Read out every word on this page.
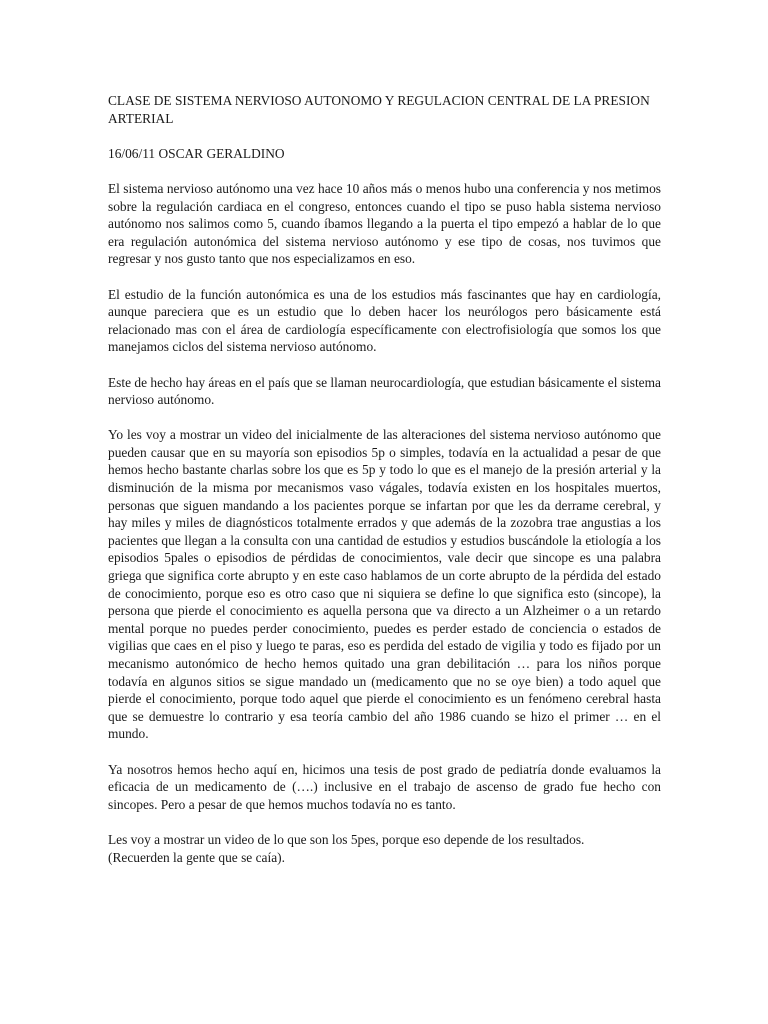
CLASE DE SISTEMA NERVIOSO AUTONOMO Y REGULACION CENTRAL DE LA PRESION ARTERIAL

16/06/11 OSCAR GERALDINO

El sistema nervioso autónomo una vez hace 10 años más o menos hubo una conferencia y nos metimos sobre la regulación cardiaca en el congreso, entonces cuando el tipo se puso habla sistema nervioso autónomo nos salimos como 5, cuando íbamos llegando a la puerta el tipo empezó a hablar de lo que era regulación autonómica del sistema nervioso autónomo y ese tipo de cosas, nos tuvimos que regresar y nos gusto tanto que nos especializamos en eso.

El estudio de la función autonómica es una de los estudios más fascinantes que hay en cardiología, aunque pareciera que es un estudio que lo deben hacer los neurólogos pero básicamente está relacionado mas con el área de cardiología específicamente con electrofisiología que somos los que manejamos ciclos del sistema nervioso autónomo.

Este de hecho hay áreas en el país que se llaman neurocardiología, que estudian básicamente el sistema nervioso autónomo.

Yo les voy a mostrar un video del inicialmente de las alteraciones del sistema nervioso autónomo que pueden causar que en su mayoría son episodios 5p o simples, todavía en la actualidad a pesar de que hemos hecho bastante charlas sobre los que es 5p y todo lo que es el manejo de la presión arterial y la disminución de la misma por mecanismos vaso vágales, todavía existen en los hospitales muertos, personas que siguen mandando a los pacientes porque se infartan por que les da derrame cerebral, y hay miles y miles de diagnósticos totalmente errados y que además de la zozobra trae angustias a los pacientes que llegan a la consulta con una cantidad de estudios y estudios buscándole la etiología a los episodios 5pales o episodios de pérdidas de conocimientos, vale decir que sincope es una palabra griega que significa corte abrupto y en este caso hablamos de un corte abrupto de la pérdida del estado de conocimiento, porque eso es otro caso que ni siquiera se define lo que significa esto (sincope), la persona que pierde el conocimiento es aquella persona que va directo a un Alzheimer o a un retardo mental porque no puedes perder conocimiento, puedes es perder estado de conciencia o estados de vigilias que caes en el piso y luego te paras, eso es perdida del estado de vigilia y todo es fijado por un mecanismo autonómico de hecho hemos quitado una gran debilitación … para los niños porque todavía en algunos sitios se sigue mandado un (medicamento que no se oye bien) a todo aquel que pierde el conocimiento, porque todo aquel que pierde el conocimiento es un fenómeno cerebral hasta que se demuestre lo contrario y esa teoría cambio del año 1986 cuando se hizo el primer … en el mundo.

Ya nosotros hemos hecho aquí en, hicimos una tesis de post grado de pediatría donde evaluamos la eficacia de un medicamento de (….) inclusive en el trabajo de ascenso de grado fue hecho con sincopes. Pero a pesar de que hemos muchos todavía no es tanto.

Les voy a mostrar un video de lo que son los 5pes, porque eso depende de los resultados.
(Recuerden la gente que se caía).
